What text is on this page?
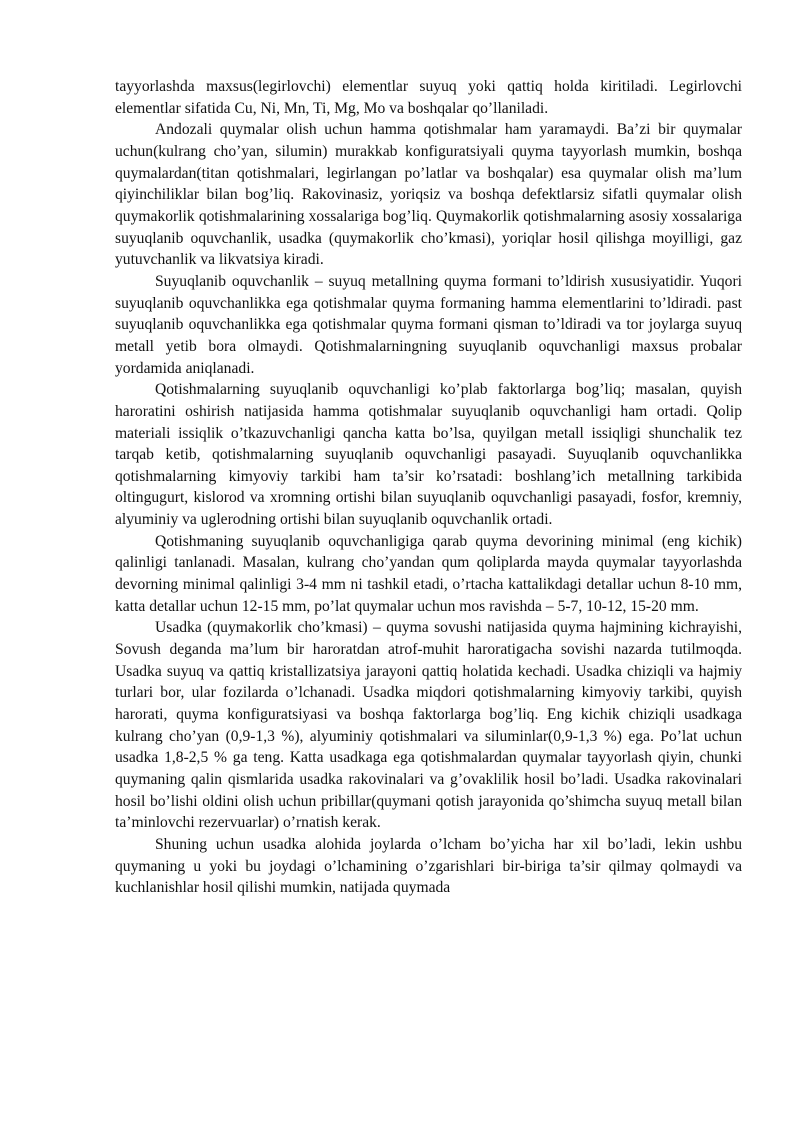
tayyorlashda maxsus(legirlovchi) elementlar suyuq yoki qattiq holda kiritiladi. Legirlovchi elementlar sifatida Cu, Ni, Mn, Ti, Mg, Mo va boshqalar qo’llaniladi.

Andozali quymalar olish uchun hamma qotishmalar ham yaramaydi. Ba’zi bir quymalar uchun(kulrang cho’yan, silumin) murakkab konfiguratsiyali quyma tayyorlash mumkin, boshqa quymalardan(titan qotishmalari, legirlangan po’latlar va boshqalar) esa quymalar olish ma’lum qiyinchiliklar bilan bog’liq. Rakovinasiz, yoriqsiz va boshqa defektlarsiz sifatli quymalar olish quymakorlik qotishmalarining xossalariga bog’liq. Quymakorlik qotishmalarning asosiy xossalariga suyuqlanib oquvchanlik, usadka (quymakorlik cho’kmasi), yoriqlar hosil qilishga moyilligi, gaz yutuvchanlik va likvatsiya kiradi.

Suyuqlanib oquvchanlik – suyuq metallning quyma formani to’ldirish xususiyatidir. Yuqori suyuqlanib oquvchanlikka ega qotishmalar quyma formaning hamma elementlarini to’ldiradi. past suyuqlanib oquvchanlikka ega qotishmalar quyma formani qisman to’ldiradi va tor joylarga suyuq metall yetib bora olmaydi. Qotishmalarningning suyuqlanib oquvchanligi maxsus probalar yordamida aniqlanadi.

Qotishmalarning suyuqlanib oquvchanligi ko’plab faktorlarga bog’liq; masalan, quyish haroratini oshirish natijasida hamma qotishmalar suyuqlanib oquvchanligi ham ortadi. Qolip materiali issiqlik o’tkazuvchanligi qancha katta bo’lsa, quyilgan metall issiqligi shunchalik tez tarqab ketib, qotishmalarning suyuqlanib oquvchanligi pasayadi. Suyuqlanib oquvchanlikka qotishmalarning kimyoviy tarkibi ham ta’sir ko’rsatadi: boshlang’ich metallning tarkibida oltingugurt, kislorod va xromning ortishi bilan suyuqlanib oquvchanligi pasayadi, fosfor, kremniy, alyuminiy va uglerodning ortishi bilan suyuqlanib oquvchanlik ortadi.

Qotishmaning suyuqlanib oquvchanligiga qarab quyma devorining minimal (eng kichik) qalinligi tanlanadi. Masalan, kulrang cho’yandan qum qoliplarda mayda quymalar tayyorlashda devorning minimal qalinligi 3-4 mm ni tashkil etadi, o’rtacha kattalikdagi detallar uchun 8-10 mm, katta detallar uchun 12-15 mm, po’lat quymalar uchun mos ravishda – 5-7, 10-12, 15-20 mm.

Usadka (quymakorlik cho’kmasi) – quyma sovushi natijasida quyma hajmining kichrayishi, Sovush deganda ma’lum bir haroratdan atrof-muhit haroratigacha sovishi nazarda tutilmoqda. Usadka suyuq va qattiq kristallizatsiya jarayoni qattiq holatida kechadi. Usadka chiziqli va hajmiy turlari bor, ular fozilarda o’lchanadi. Usadka miqdori qotishmalarning kimyoviy tarkibi, quyish harorati, quyma konfiguratsiyasi va boshqa faktorlarga bog’liq. Eng kichik chiziqli usadkaga kulrang cho’yan (0,9-1,3 %), alyuminiy qotishmalari va siluminlar(0,9-1,3 %) ega. Po’lat uchun usadka 1,8-2,5 % ga teng. Katta usadkaga ega qotishmalardan quymalar tayyorlash qiyin, chunki quymaning qalin qismlarida usadka rakovinalari va g’ovaklilik hosil bo’ladi. Usadka rakovinalari hosil bo’lishi oldini olish uchun pribillar(quymani qotish jarayonida qo’shimcha suyuq metall bilan ta’minlovchi rezervuarlar) o’rnatish kerak.

Shuning uchun usadka alohida joylarda o’lcham bo’yicha har xil bo’ladi, lekin ushbu quymaning u yoki bu joydagi o’lchamining o’zgarishlari bir-biriga ta’sir qilmay qolmaydi va kuchlanishlar hosil qilishi mumkin, natijada quymada
